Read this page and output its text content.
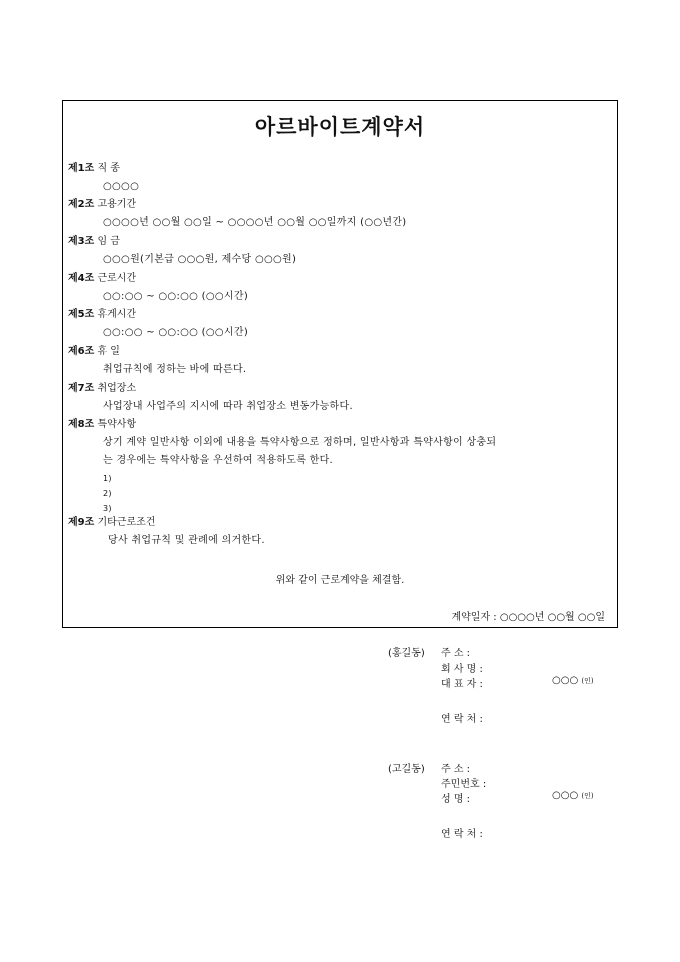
아르바이트계약서
제1조 직 종
○○○○
제2조 고용기간
○○○○년 ○○월 ○○일 ~ ○○○○년 ○○월 ○○일까지 (○○년간)
제3조 임 금
○○○원(기본급 ○○○원, 제수당 ○○○원)
제4조 근로시간
○○:○○ ~ ○○:○○ (○○시간)
제5조 휴게시간
○○:○○ ~ ○○:○○ (○○시간)
제6조 휴 일
취업규칙에 정하는 바에 따른다.
제7조 취업장소
사업장내 사업주의 지시에 따라 취업장소 변동가능하다.
제8조 특약사항
상기 계약 일반사항 이외에 내용을 특약사항으로 정하며, 일반사항과 특약사항이 상충되
는 경우에는 특약사항을 우선하여 적용하도록 한다.
1)
2)
3)
제9조 기타근로조건
당사 취업규칙 및 관례에 의거한다.
위와 같이 근로계약을 체결함.
계약일자 : ○○○○년 ○○월 ○○일
(홍길동) 주 소 :
회 사 명 :
대 표 자 :	○○○ (인)
연 락 처 :
(고길동) 주 소 :
주민번호 :
성 명 :	○○○ (인)
연 락 처 :
